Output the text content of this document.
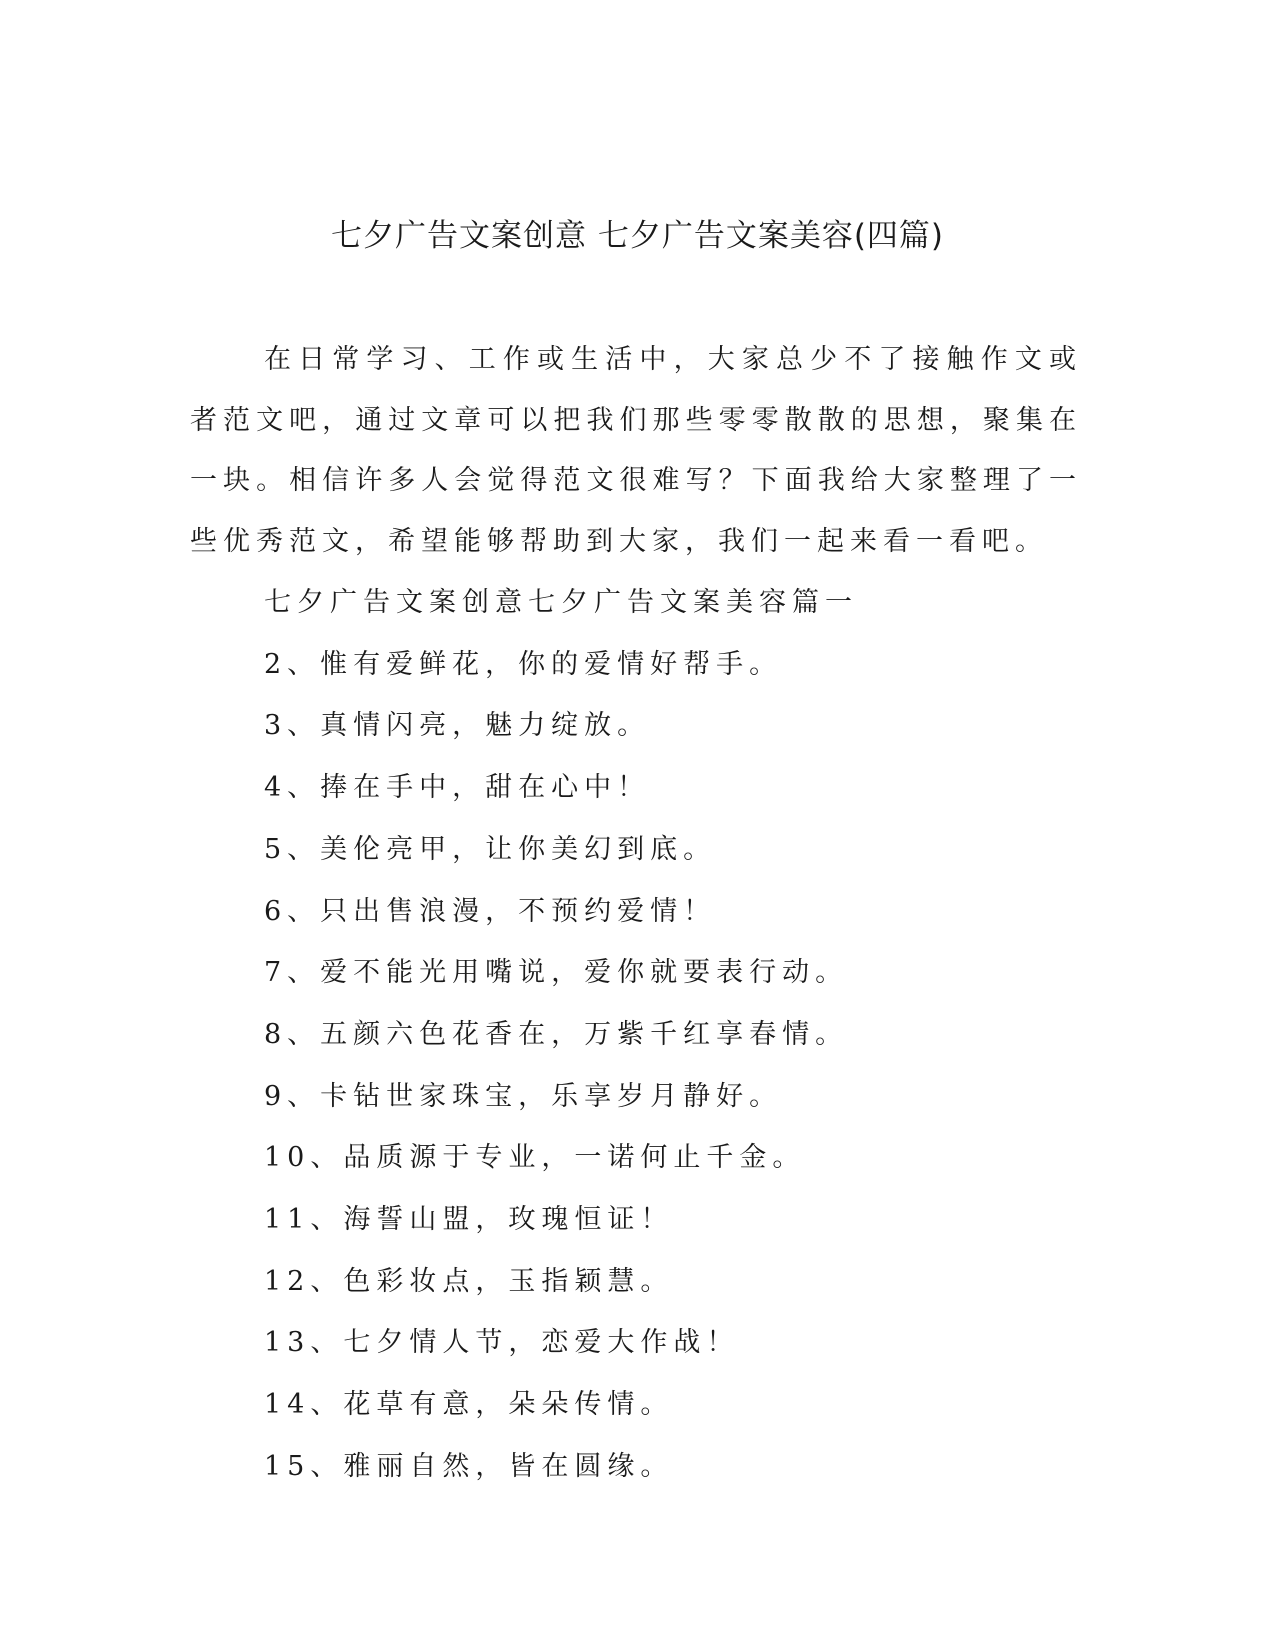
七夕广告文案创意 七夕广告文案美容(四篇)

在日常学习、工作或生活中，大家总少不了接触作文或者范文吧，通过文章可以把我们那些零零散散的思想，聚集在一块。相信许多人会觉得范文很难写？下面我给大家整理了一些优秀范文，希望能够帮助到大家，我们一起来看一看吧。

七夕广告文案创意七夕广告文案美容篇一
2、惟有爱鲜花，你的爱情好帮手。
3、真情闪亮，魅力绽放。
4、捧在手中，甜在心中！
5、美伦亮甲，让你美幻到底。
6、只出售浪漫，不预约爱情！
7、爱不能光用嘴说，爱你就要表行动。
8、五颜六色花香在，万紫千红享春情。
9、卡钻世家珠宝，乐享岁月静好。
10、品质源于专业，一诺何止千金。
11、海誓山盟，玫瑰恒证！
12、色彩妆点，玉指颖慧。
13、七夕情人节，恋爱大作战！
14、花草有意，朵朵传情。
15、雅丽自然，皆在圆缘。
